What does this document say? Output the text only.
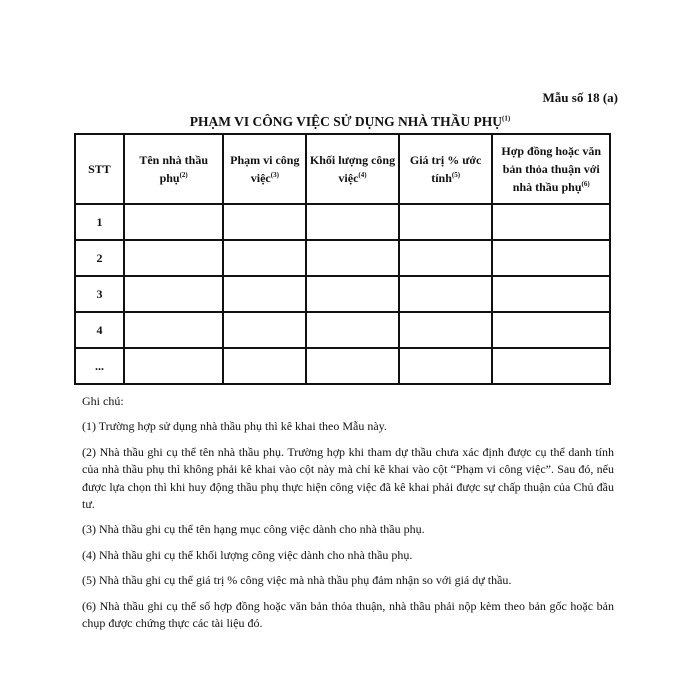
Mẫu số 18 (a)
PHẠM VI CÔNG VIỆC SỬ DỤNG NHÀ THẦU PHỤ$^{(1)}$
STT	Tên nhà thầu phụ$^{(2)}$	Phạm vi công việc$^{(3)}$	Khối lượng công việc$^{(4)}$	Giá trị % ước tính$^{(5)}$	Hợp đồng hoặc văn bản thỏa thuận với nhà thầu phụ$^{(6)}$
1					
2					
3					
4					
...					

Ghi chú:

(1) Trường hợp sử dụng nhà thầu phụ thì kê khai theo Mẫu này.

(2) Nhà thầu ghi cụ thể tên nhà thầu phụ. Trường hợp khi tham dự thầu chưa xác định được cụ thể danh tính của nhà thầu phụ thì không phải kê khai vào cột này mà chỉ kê khai vào cột “Phạm vi công việc”. Sau đó, nếu được lựa chọn thì khi huy động thầu phụ thực hiện công việc đã kê khai phải được sự chấp thuận của Chủ đầu tư.

(3) Nhà thầu ghi cụ thể tên hạng mục công việc dành cho nhà thầu phụ.

(4) Nhà thầu ghi cụ thể khối lượng công việc dành cho nhà thầu phụ.

(5) Nhà thầu ghi cụ thể giá trị % công việc mà nhà thầu phụ đảm nhận so với giá dự thầu.

(6) Nhà thầu ghi cụ thể số hợp đồng hoặc văn bản thỏa thuận, nhà thầu phải nộp kèm theo bản gốc hoặc bản chụp được chứng thực các tài liệu đó.
